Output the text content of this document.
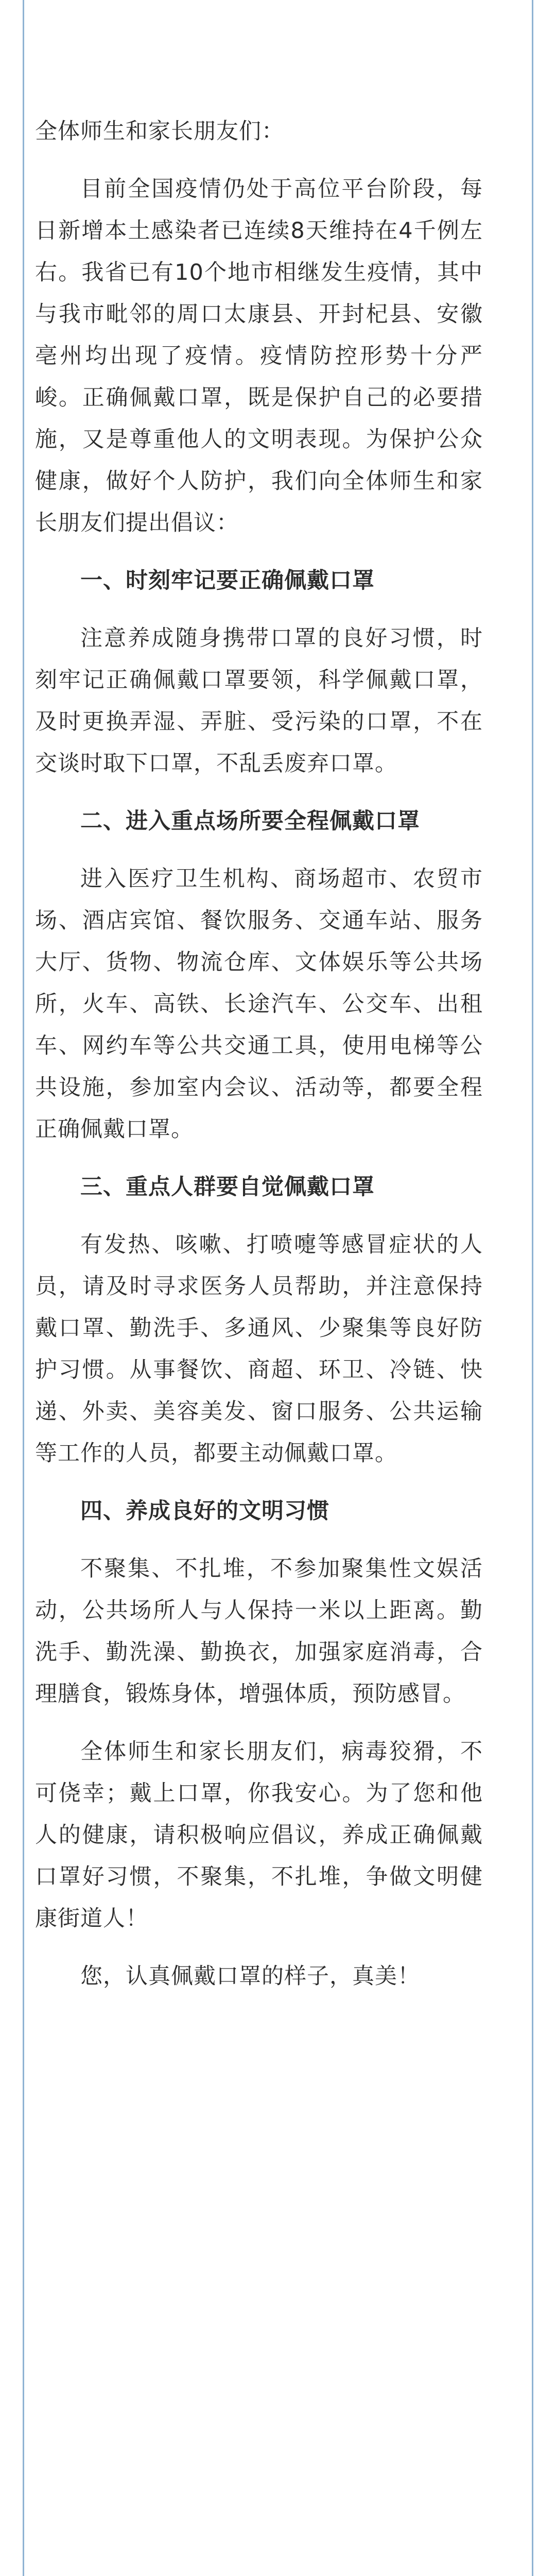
全体师生和家长朋友们：

目前全国疫情仍处于高位平台阶段，每日新增本土感染者已连续8天维持在4千例左右。我省已有10个地市相继发生疫情，其中与我市毗邻的周口太康县、开封杞县、安徽亳州均出现了疫情。疫情防控形势十分严峻。正确佩戴口罩，既是保护自己的必要措施，又是尊重他人的文明表现。为保护公众健康，做好个人防护，我们向全体师生和家长朋友们提出倡议：

一、时刻牢记要正确佩戴口罩

注意养成随身携带口罩的良好习惯，时刻牢记正确佩戴口罩要领，科学佩戴口罩，及时更换弄湿、弄脏、受污染的口罩，不在交谈时取下口罩，不乱丢废弃口罩。

二、进入重点场所要全程佩戴口罩

进入医疗卫生机构、商场超市、农贸市场、酒店宾馆、餐饮服务、交通车站、服务大厅、货物、物流仓库、文体娱乐等公共场所，火车、高铁、长途汽车、公交车、出租车、网约车等公共交通工具，使用电梯等公共设施，参加室内会议、活动等，都要全程正确佩戴口罩。

三、重点人群要自觉佩戴口罩

有发热、咳嗽、打喷嚏等感冒症状的人员，请及时寻求医务人员帮助，并注意保持戴口罩、勤洗手、多通风、少聚集等良好防护习惯。从事餐饮、商超、环卫、冷链、快递、外卖、美容美发、窗口服务、公共运输等工作的人员，都要主动佩戴口罩。

四、养成良好的文明习惯

不聚集、不扎堆，不参加聚集性文娱活动，公共场所人与人保持一米以上距离。勤洗手、勤洗澡、勤换衣，加强家庭消毒，合理膳食，锻炼身体，增强体质，预防感冒。

全体师生和家长朋友们，病毒狡猾，不可侥幸；戴上口罩，你我安心。为了您和他人的健康，请积极响应倡议，养成正确佩戴口罩好习惯，不聚集，不扎堆，争做文明健康街道人！

您，认真佩戴口罩的样子，真美！
